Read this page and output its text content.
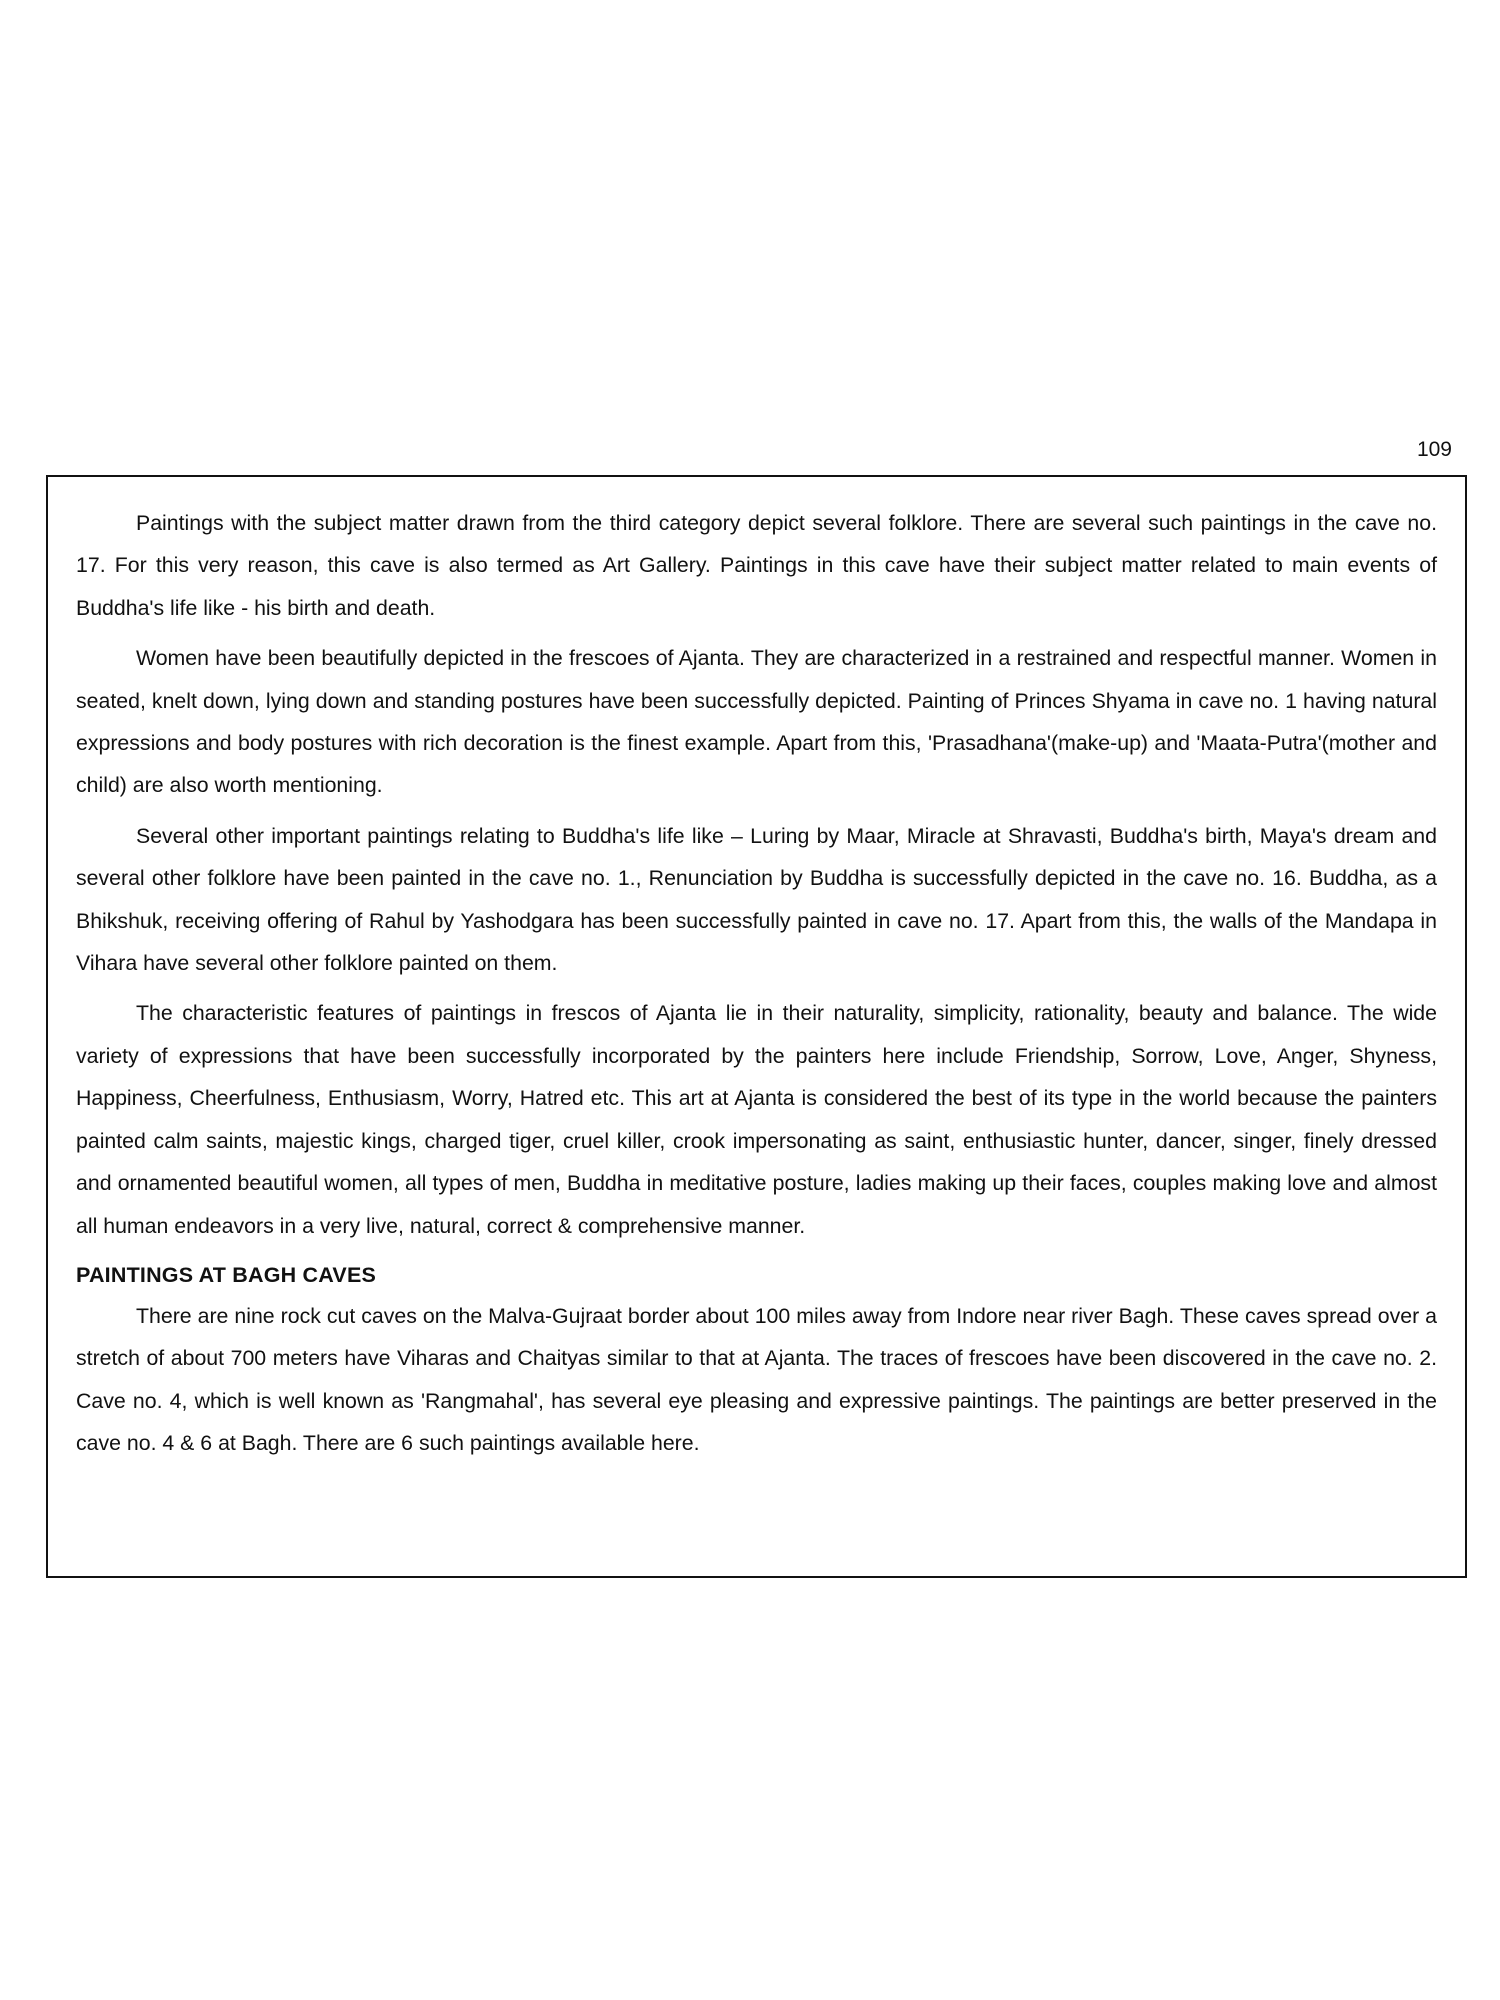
109

Paintings with the subject matter drawn from the third category depict several folklore. There are several such paintings in the cave no. 17. For this very reason, this cave is also termed as Art Gallery. Paintings in this cave have their subject matter related to main events of Buddha's life like - his birth and death.

Women have been beautifully depicted in the frescoes of Ajanta. They are characterized in a restrained and respectful manner. Women in seated, knelt down, lying down and standing postures have been successfully depicted. Painting of Princes Shyama in cave no. 1 having natural expressions and body postures with rich decoration is the finest example. Apart from this, 'Prasadhana'(make-up) and 'Maata-Putra'(mother and child) are also worth mentioning.

Several other important paintings relating to Buddha's life like – Luring by Maar, Miracle at Shravasti, Buddha's birth, Maya's dream and several other folklore have been painted in the cave no. 1., Renunciation by Buddha is successfully depicted in the cave no. 16. Buddha, as a Bhikshuk, receiving offering of Rahul by Yashodgara has been successfully painted in cave no. 17. Apart from this, the walls of the Mandapa in Vihara have several other folklore painted on them.

The characteristic features of paintings in frescos of Ajanta lie in their naturality, simplicity, rationality, beauty and balance. The wide variety of expressions that have been successfully incorporated by the painters here include Friendship, Sorrow, Love, Anger, Shyness, Happiness, Cheerfulness, Enthusiasm, Worry, Hatred etc. This art at Ajanta is considered the best of its type in the world because the painters painted calm saints, majestic kings, charged tiger, cruel killer, crook impersonating as saint, enthusiastic hunter, dancer, singer, finely dressed and ornamented beautiful women, all types of men, Buddha in meditative posture, ladies making up their faces, couples making love and almost all human endeavors in a very live, natural, correct & comprehensive manner.

PAINTINGS AT BAGH CAVES

There are nine rock cut caves on the Malva-Gujraat border about 100 miles away from Indore near river Bagh. These caves spread over a stretch of about 700 meters have Viharas and Chaityas similar to that at Ajanta. The traces of frescoes have been discovered in the cave no. 2. Cave no. 4, which is well known as 'Rangmahal', has several eye pleasing and expressive paintings. The paintings are better preserved in the cave no. 4 & 6 at Bagh. There are 6 such paintings available here.
